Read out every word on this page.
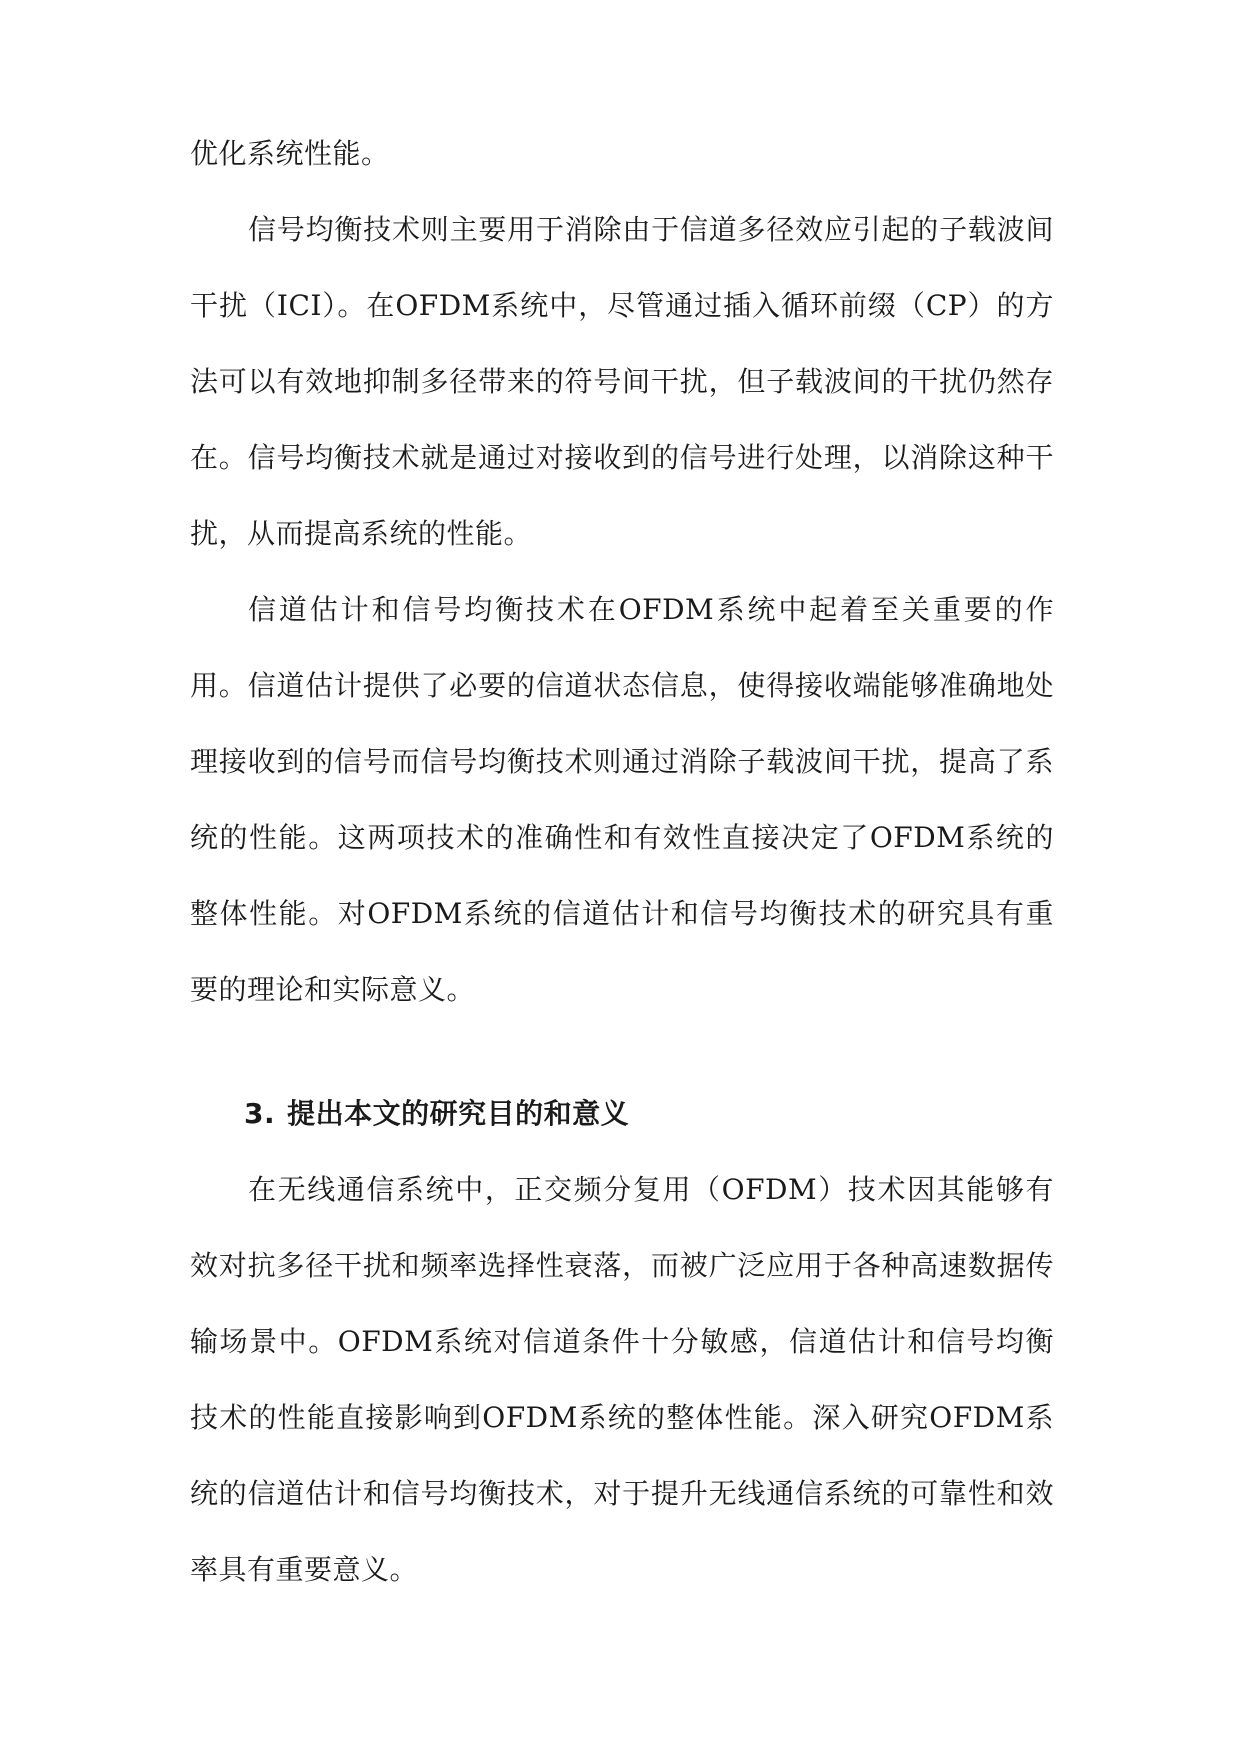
优化系统性能。

信号均衡技术则主要用于消除由于信道多径效应引起的子载波间干扰（ICI）。在OFDM系统中，尽管通过插入循环前缀（CP）的方法可以有效地抑制多径带来的符号间干扰，但子载波间的干扰仍然存在。信号均衡技术就是通过对接收到的信号进行处理，以消除这种干扰，从而提高系统的性能。

信道估计和信号均衡技术在OFDM系统中起着至关重要的作用。信道估计提供了必要的信道状态信息，使得接收端能够准确地处理接收到的信号而信号均衡技术则通过消除子载波间干扰，提高了系统的性能。这两项技术的准确性和有效性直接决定了OFDM系统的整体性能。对OFDM系统的信道估计和信号均衡技术的研究具有重要的理论和实际意义。

3. 提出本文的研究目的和意义

在无线通信系统中，正交频分复用（OFDM）技术因其能够有效对抗多径干扰和频率选择性衰落，而被广泛应用于各种高速数据传输场景中。OFDM系统对信道条件十分敏感，信道估计和信号均衡技术的性能直接影响到OFDM系统的整体性能。深入研究OFDM系统的信道估计和信号均衡技术，对于提升无线通信系统的可靠性和效率具有重要意义。
